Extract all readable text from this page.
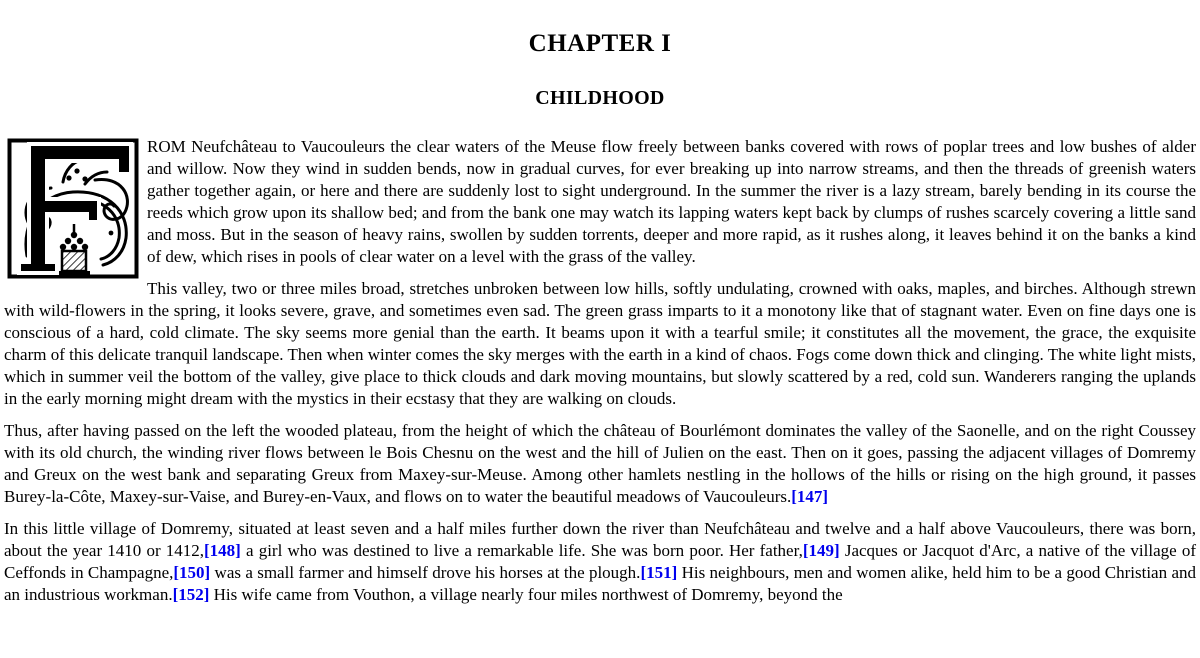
CHAPTER I
CHILDHOOD

ROM Neufchâteau to Vaucouleurs the clear waters of the Meuse flow freely between banks covered with rows of poplar trees and low bushes of alder and willow. Now they wind in sudden bends, now in gradual curves, for ever breaking up into narrow streams, and then the threads of greenish waters gather together again, or here and there are suddenly lost to sight underground. In the summer the river is a lazy stream, barely bending in its course the reeds which grow upon its shallow bed; and from the bank one may watch its lapping waters kept back by clumps of rushes scarcely covering a little sand and moss. But in the season of heavy rains, swollen by sudden torrents, deeper and more rapid, as it rushes along, it leaves behind it on the banks a kind of dew, which rises in pools of clear water on a level with the grass of the valley.

This valley, two or three miles broad, stretches unbroken between low hills, softly undulating, crowned with oaks, maples, and birches. Although strewn with wild-flowers in the spring, it looks severe, grave, and sometimes even sad. The green grass imparts to it a monotony like that of stagnant water. Even on fine days one is conscious of a hard, cold climate. The sky seems more genial than the earth. It beams upon it with a tearful smile; it constitutes all the movement, the grace, the exquisite charm of this delicate tranquil landscape. Then when winter comes the sky merges with the earth in a kind of chaos. Fogs come down thick and clinging. The white light mists, which in summer veil the bottom of the valley, give place to thick clouds and dark moving mountains, but slowly scattered by a red, cold sun. Wanderers ranging the uplands in the early morning might dream with the mystics in their ecstasy that they are walking on clouds.

Thus, after having passed on the left the wooded plateau, from the height of which the château of Bourlémont dominates the valley of the Saonelle, and on the right Coussey with its old church, the winding river flows between le Bois Chesnu on the west and the hill of Julien on the east. Then on it goes, passing the adjacent villages of Domremy and Greux on the west bank and separating Greux from Maxey-sur-Meuse. Among other hamlets nestling in the hollows of the hills or rising on the high ground, it passes Burey-la-Côte, Maxey-sur-Vaise, and Burey-en-Vaux, and flows on to water the beautiful meadows of Vaucouleurs.[147]

In this little village of Domremy, situated at least seven and a half miles further down the river than Neufchâteau and twelve and a half above Vaucouleurs, there was born, about the year 1410 or 1412,[148] a girl who was destined to live a remarkable life. She was born poor. Her father,[149] Jacques or Jacquot d'Arc, a native of the village of Ceffonds in Champagne,[150] was a small farmer and himself drove his horses at the plough.[151] His neighbours, men and women alike, held him to be a good Christian and an industrious workman.[152] His wife came from Vouthon, a village nearly four miles northwest of Domremy, beyond the
